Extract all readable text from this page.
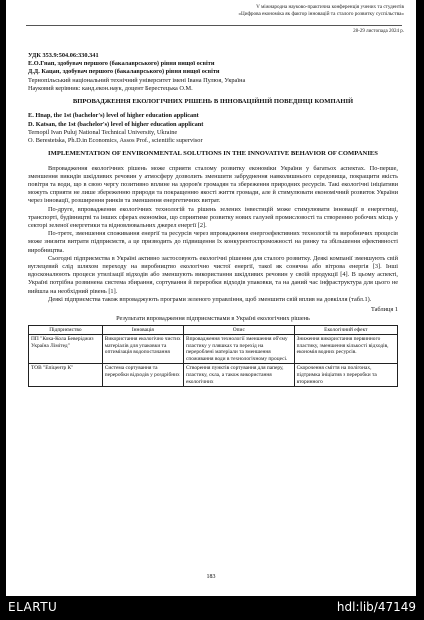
V міжнародна науково-практична конференція учених та студентів
«Цифрова економіка як фактор інновацій та сталого розвитку суспільства»
28-29 листопада 2024 р.

УДК 353.9:504.06:330.341

Е.О.Гнап, здобувач першого (бакалаврського) рівня вищої освіти

Д.Д. Кацан, здобувач першого (бакалаврського) рівня вищої освіти

Тернопільський національний технічний університет імені Івана Пулюя, Україна

Науковий керівник: канд.екон.наук, доцент Берестецька О.М.

ВПРОВАДЖЕННЯ ЕКОЛОГІЧНИХ РІШЕНЬ В ІННОВАЦІЙНІЙ ПОВЕДІНЦІ КОМПАНІЙ

E. Hnap, the 1st (bachelor's) level of higher education applicant

D. Katsan, the 1st (bachelor's) level of higher education applicant

Ternopil Ivan Puluj National Technical University, Ukraine

O. Berestetska, Ph.D.in Economics, Assos Prof., scientific supervisor

IMPLEMENTATION OF ENVIRONMENTAL SOLUTIONS IN THE INNOVATIVE BEHAVIOR OF COMPANIES

Впровадження екологічних рішень може сприяти сталому розвитку економіки України у багатьох аспектах. По-перше, зменшення викидів шкідливих речовин у атмосферу дозволить зменшити забруднення навколишнього середовища, покращити якість повітря та води, що в свою чергу позитивно вплине на здоров'я громадян та збереження природних ресурсів. Такі екологічні ініціативи можуть сприяти не лише збереженню природи та покращенню якості життя громади, але й стимулювати економічний розвиток України через інновації, розширення ринків та зменшення енергетичних витрат.

По-друге, впровадження екологічних технологій та рішень зелених інвестицій може стимулювати інновації в енергетиці, транспорті, будівництві та інших сферах економіки, що сприятиме розвитку нових галузей промисловості та створенню робочих місць у секторі зеленої енергетики та відновлювальних джерел енергії [2].

По-третє, зменшення споживання енергії та ресурсів через впровадження енергоефективних технологій та виробничих процесів може знизити витрати підприємств, а це призводить до підвищення їх конкурентоспроможності на ринку та збільшення ефективності виробництва.

Сьогодні підприємства в Україні активно застосовують екологічні рішення для сталого розвитку. Деякі компанії зменшують свій вуглецевий слід шляхом переходу на виробництво екологічно чистої енергії, такої як сонячна або вітрова енергія [3]. Інші вдосконалюють процеси утилізації відходів або зменшують використання шкідливих речовин у своїй продукції [4]. В цьому аспекті, Україні потрібна розвинена система збирання, сортування й переробки відходів упаковки, та на даний час інфраструктура для цього не вийшла на необхідний рівень [1].

Деякі підприємства також впроваджують програми зеленого управління, щоб зменшити свій вплив на довкілля (табл.1).

Таблиця 1

Результати впровадження підприємствами в Україні екологічних рішень

Підприємство	Інновація	Опис	Екологічний ефект
ПП "Кока-Кола Беверіджиз Україна Лімітед"	Використання екологічно чистих матеріалів для упаковки та оптимізація водопостачання	Впровадження технології зменшення об'єму пластику у пляшках та перехід на перероблені матеріали та зменшення споживання води в технологічному процесі.	Зниження використання первинного пластику, зменшення кількості відходів, економія водних ресурсів.
ТОВ "Епіцентр К"	Система сортування та переробки відходів у роздрібних	Створення пунктів сортування для паперу, пластику, скла, а також використання екологічних	Скорочення сміття на полігонах, підтримка ініціатив з переробки та вторинного
183
ELARTU	hdl:lib/47149
